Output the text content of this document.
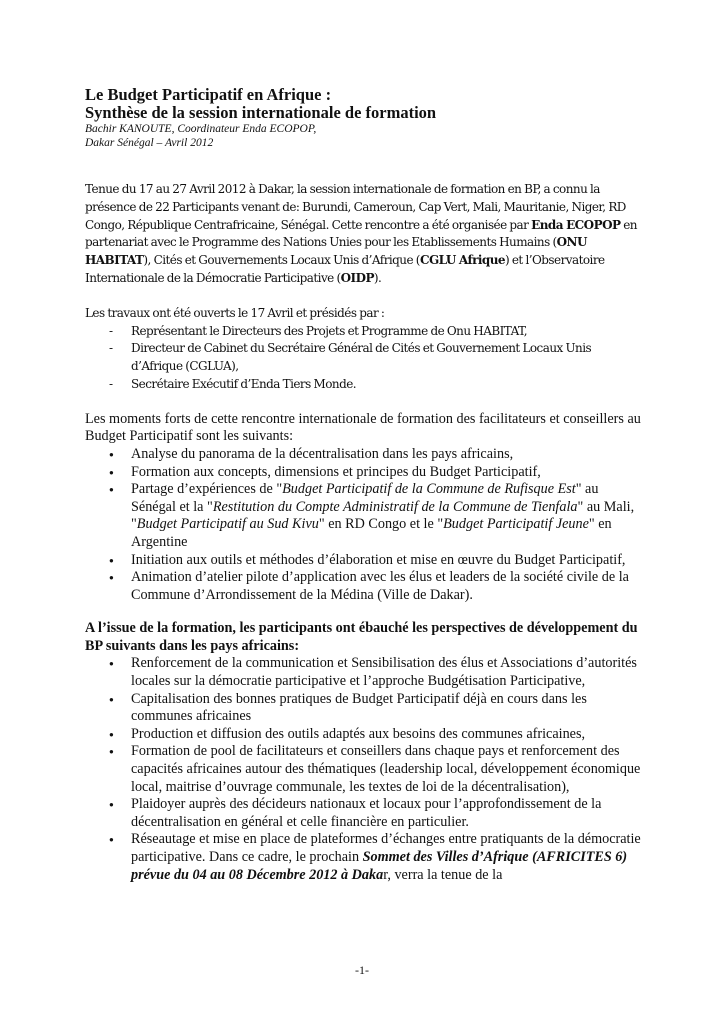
Le Budget Participatif en Afrique :
Synthèse de la session internationale de formation

Bachir KANOUTE, Coordinateur Enda ECOPOP,

Dakar Sénégal – Avril 2012

Tenue du 17 au 27 Avril 2012 à Dakar, la session internationale de formation en BP, a connu la présence de 22 Participants venant de: Burundi, Cameroun, Cap Vert, Mali, Mauritanie, Niger, RD Congo, République Centrafricaine, Sénégal. Cette rencontre a été organisée par Enda ECOPOP en partenariat avec le Programme des Nations Unies pour les Etablissements Humains (ONU HABITAT), Cités et Gouvernements Locaux Unis d’Afrique (CGLU Afrique) et l’Observatoire Internationale de la Démocratie Participative (OIDP).

Les travaux ont été ouverts le 17 Avril et présidés par :

- Représentant le Directeurs des Projets et Programme de Onu HABITAT,
- Directeur de Cabinet du Secrétaire Général de Cités et Gouvernement Locaux Unis d’Afrique (CGLUA),
- Secrétaire Exécutif d’Enda Tiers Monde.

Les moments forts de cette rencontre internationale de formation des facilitateurs et conseillers au Budget Participatif sont les suivants:

● Analyse du panorama de la décentralisation dans les pays africains,
● Formation aux concepts, dimensions et principes du Budget Participatif,
● Partage d’expériences de "Budget Participatif de la Commune de Rufisque Est" au Sénégal et la "Restitution du Compte Administratif de la Commune de Tienfala" au Mali, "Budget Participatif au Sud Kivu" en RD Congo et le "Budget Participatif Jeune" en Argentine
● Initiation aux outils et méthodes d’élaboration et mise en œuvre du Budget Participatif,
● Animation d’atelier pilote d’application avec les élus et leaders de la société civile de la Commune d’Arrondissement de la Médina (Ville de Dakar).

A l’issue de la formation, les participants ont ébauché les perspectives de développement du BP suivants dans les pays africains:

● Renforcement de la communication et Sensibilisation des élus et Associations d’autorités locales sur la démocratie participative et l’approche Budgétisation Participative,
● Capitalisation des bonnes pratiques de Budget Participatif déjà en cours dans les communes africaines
● Production et diffusion des outils adaptés aux besoins des communes africaines,
● Formation de pool de facilitateurs et conseillers dans chaque pays et renforcement des capacités africaines autour des thématiques (leadership local, développement économique local, maitrise d’ouvrage communale, les textes de loi de la décentralisation),
● Plaidoyer auprès des décideurs nationaux et locaux pour l’approfondissement de la décentralisation en général et celle financière en particulier.
● Réseautage et mise en place de plateformes d’échanges entre pratiquants de la démocratie participative. Dans ce cadre, le prochain Sommet des Villes d’Afrique (AFRICITES 6) prévue du 04 au 08 Décembre 2012 à Dakar, verra la tenue de la
-1-
